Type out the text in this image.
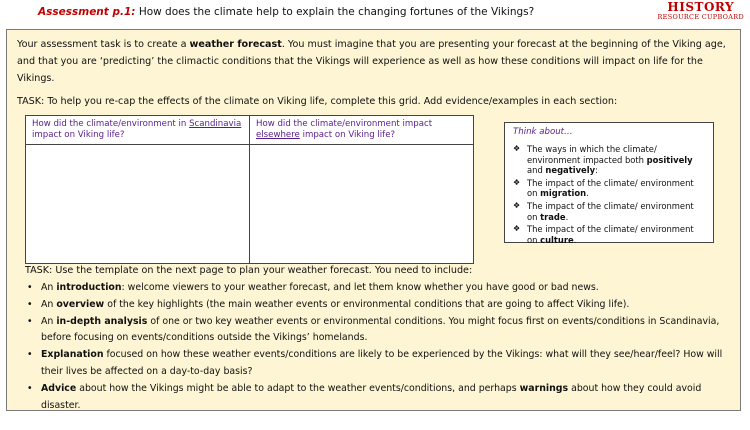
Assessment p.1: How does the climate help to explain the changing fortunes of the Vikings?	HISTORY
RESOURCE CUPBOARD
Your assessment task is to create a weather forecast. You must imagine that you are presenting your forecast at the beginning of the Viking age, and that you are ‘predicting’ the climactic conditions that the Vikings will experience as well as how these conditions will impact on life for the Vikings.
TASK: To help you re-cap the effects of the climate on Viking life, complete this grid. Add evidence/examples in each section:
How did the climate/environment in Scandinavia impact on Viking life?
How did the climate/environment impact elsewhere impact on Viking life?	Think about…
❖ The ways in which the climate/ environment impacted both positively and negatively:
❖ The impact of the climate/ environment on migration.
❖ The impact of the climate/ environment on trade.
❖ The impact of the climate/ environment on culture.
TASK: Use the template on the next page to plan your weather forecast. You need to include:
• An introduction: welcome viewers to your weather forecast, and let them know whether you have good or bad news.
• An overview of the key highlights (the main weather events or environmental conditions that are going to affect Viking life).
• An in-depth analysis of one or two key weather events or environmental conditions. You might focus first on events/conditions in Scandinavia, before focusing on events/conditions outside the Vikings’ homelands.
• Explanation focused on how these weather events/conditions are likely to be experienced by the Vikings: what will they see/hear/feel? How will their lives be affected on a day-to-day basis?
• Advice about how the Vikings might be able to adapt to the weather events/conditions, and perhaps warnings about how they could avoid disaster.
